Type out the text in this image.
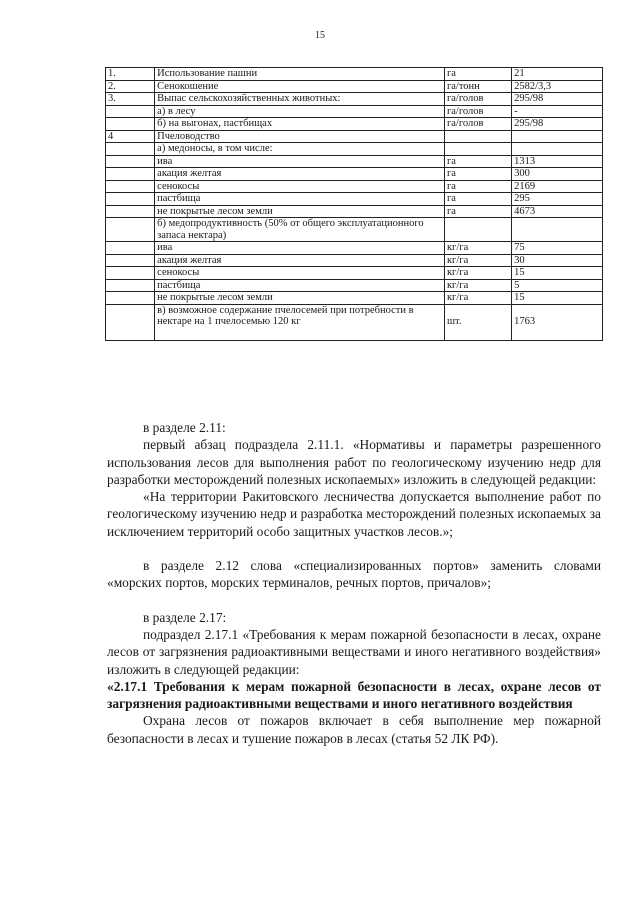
15
1.	Использование пашни	га	21
2.	Сенокошение	га/тонн	2582/3,3
3.	Выпас сельскохозяйственных животных:	га/голов	295/98
	а) в лесу	га/голов	-
	б) на выгонах, пастбищах	га/голов	295/98
4	Пчеловодство		
	а) медоносы, в том числе:		
	ива	га	1313
	акация желтая	га	300
	сенокосы	га	2169
	пастбища	га	295
	не покрытые лесом земли	га	4673
	б) медопродуктивность (50% от общего эксплуатационного запаса нектара)		
	ива	кг/га	75
	акация желтая	кг/га	30
	сенокосы	кг/га	15
	пастбища	кг/га	5
	не покрытые лесом земли	кг/га	15
	в) возможное содержание пчелосемей при потребности в нектаре на 1 пчелосемью 120 кг	шт.	1763

в разделе 2.11:

первый абзац подраздела 2.11.1. «Нормативы и параметры разрешенного использования лесов для выполнения работ по геологическому изучению недр для разработки месторождений полезных ископаемых» изложить в следующей редакции:

«На территории Ракитовского лесничества допускается выполнение работ по геологическому изучению недр и разработка месторождений полезных ископаемых за исключением территорий особо защитных участков лесов.»;

в разделе 2.12 слова «специализированных портов» заменить словами «морских портов, морских терминалов, речных портов, причалов»;

в разделе 2.17:

подраздел 2.17.1 «Требования к мерам пожарной безопасности в лесах, охране лесов от загрязнения радиоактивными веществами и иного негативного воздействия» изложить в следующей редакции:

«2.17.1 Требования к мерам пожарной безопасности в лесах, охране лесов от загрязнения радиоактивными веществами и иного негативного воздействия

Охрана лесов от пожаров включает в себя выполнение мер пожарной безопасности в лесах и тушение пожаров в лесах (статья 52 ЛК РФ).
